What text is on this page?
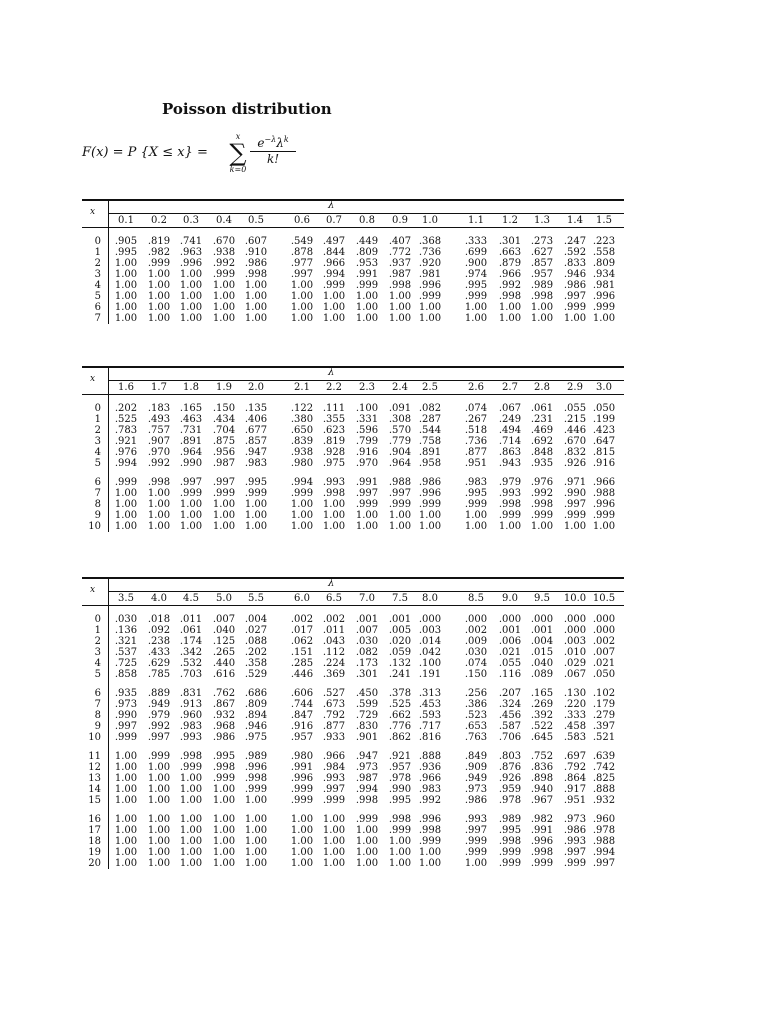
Poisson distribution
F(x) = P {X ≤ x} =
x
∑
k=0
$e^{-\lambda}\lambda^k$
k!
λ
x
0.1	0.2	0.3	0.4	0.5	0.6	0.7	0.8	0.9	1.0	1.1	1.2	1.3	1.4	1.5
0	.905	.819 .741	.670 .607	.549 .497	.449	.407 .368	.333	.301 .273	.247 .223
1	.995	.982 .963	.938 .910	.878 .844	.809	.772 .736	.699	.663 .627	.592 .558
2	1.00	.999 .996	.992 .986	.977 .966	.953	.937 .920	.900	.879 .857	.833 .809
3	1.00	1.00 1.00	.999 .998	.997 .994	.991	.987 .981	.974	.966 .957	.946 .934
4	1.00	1.00 1.00	1.00 1.00	1.00 .999	.999	.998 .996	.995	.992 .989	.986 .981
5	1.00	1.00 1.00	1.00 1.00	1.00 1.00	1.00	1.00 .999	.999	.998 .998	.997 .996
6	1.00	1.00 1.00	1.00 1.00	1.00 1.00	1.00	1.00 1.00	1.00	1.00 1.00	.999 .999
7	1.00	1.00 1.00	1.00 1.00	1.00 1.00	1.00	1.00 1.00	1.00	1.00 1.00	1.00 1.00
λ
x
1.6	1.7	1.8	1.9	2.0	2.1	2.2	2.3	2.4	2.5	2.6	2.7	2.8	2.9	3.0
0	.202	.183 .165	.150 .135	.122 .111	.100	.091 .082	.074	.067 .061	.055 .050
1	.525	.493 .463	.434 .406	.380 .355	.331	.308 .287	.267	.249 .231	.215 .199
2	.783	.757 .731	.704 .677	.650 .623	.596	.570 .544	.518	.494 .469	.446 .423
3	.921	.907 .891	.875 .857	.839 .819	.799	.779 .758	.736	.714 .692	.670 .647
4	.976	.970 .964	.956 .947	.938 .928	.916	.904 .891	.877	.863 .848	.832 .815
5	.994	.992 .990	.987 .983	.980 .975	.970	.964 .958	.951	.943 .935	.926 .916
6	.999	.998 .997	.997 .995	.994 .993	.991	.988 .986	.983	.979 .976	.971 .966
7	1.00	1.00 .999	.999 .999	.999 .998	.997	.997 .996	.995	.993 .992	.990 .988
8	1.00	1.00 1.00	1.00 1.00	1.00 1.00	.999	.999 .999	.999	.998 .998	.997 .996
9	1.00	1.00 1.00	1.00 1.00	1.00 1.00	1.00	1.00 1.00	1.00	.999 .999	.999 .999
10	1.00	1.00 1.00	1.00 1.00	1.00 1.00	1.00	1.00 1.00	1.00	1.00 1.00	1.00 1.00
λ
x
3.5	4.0	4.5	5.0	5.5	6.0	6.5	7.0	7.5	8.0	8.5	9.0	9.5	10.0 10.5
0	.030	.018 .011	.007 .004	.002 .002	.001	.001 .000	.000	.000 .000	.000 .000
1	.136	.092 .061	.040 .027	.017 .011	.007	.005 .003	.002	.001 .001	.000 .000
2	.321	.238 .174	.125 .088	.062 .043	.030	.020 .014	.009	.006 .004	.003 .002
3	.537	.433 .342	.265 .202	.151 .112	.082	.059 .042	.030	.021 .015	.010 .007
4	.725	.629 .532	.440 .358	.285 .224	.173	.132 .100	.074	.055 .040	.029 .021
5	.858	.785 .703	.616 .529	.446 .369	.301	.241 .191	.150	.116 .089	.067 .050
6	.935	.889 .831	.762 .686	.606 .527	.450	.378 .313	.256	.207 .165	.130 .102
7	.973	.949 .913	.867 .809	.744 .673	.599	.525 .453	.386	.324 .269	.220 .179
8	.990	.979 .960	.932 .894	.847 .792	.729	.662 .593	.523	.456 .392	.333 .279
9	.997	.992 .983	.968 .946	.916 .877	.830	.776 .717	.653	.587 .522	.458 .397
10	.999	.997 .993	.986 .975	.957 .933	.901	.862 .816	.763	.706 .645	.583 .521
11	1.00	.999 .998	.995 .989	.980 .966	.947	.921 .888	.849	.803 .752	.697 .639
12	1.00	1.00 .999	.998 .996	.991 .984	.973	.957 .936	.909	.876 .836	.792 .742
13	1.00	1.00 1.00	.999 .998	.996 .993	.987	.978 .966	.949	.926 .898	.864 .825
14	1.00	1.00 1.00	1.00 .999	.999 .997	.994	.990 .983	.973	.959 .940	.917 .888
15	1.00	1.00 1.00	1.00 1.00	.999 .999	.998	.995 .992	.986	.978 .967	.951 .932
16	1.00	1.00 1.00	1.00 1.00	1.00 1.00	.999	.998 .996	.993	.989 .982	.973 .960
17	1.00	1.00 1.00	1.00 1.00	1.00 1.00	1.00	.999 .998	.997	.995 .991	.986 .978
18	1.00	1.00 1.00	1.00 1.00	1.00 1.00	1.00	1.00 .999	.999	.998 .996	.993 .988
19	1.00	1.00 1.00	1.00 1.00	1.00 1.00	1.00	1.00 1.00	.999	.999 .998	.997 .994
20	1.00	1.00 1.00	1.00 1.00	1.00 1.00	1.00	1.00 1.00	1.00	.999 .999	.999 .997
